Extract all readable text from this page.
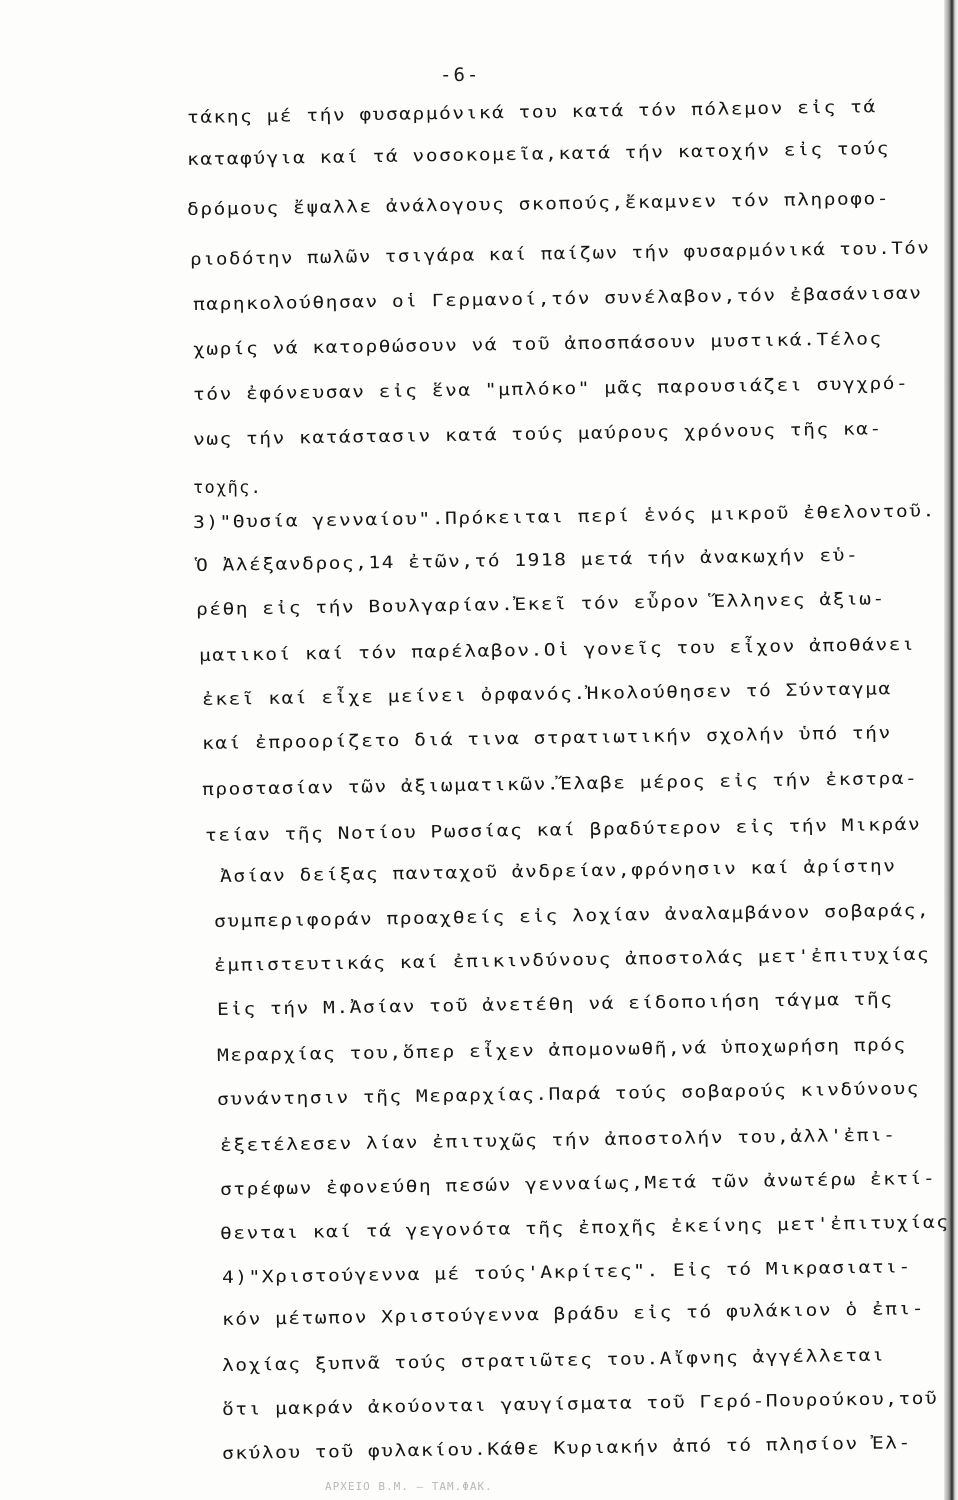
-6-

τάκης μέ τήν φυσαρμόνικά του κατά τόν πόλεμον εἰς τά
καταφύγια καί τά νοσοκομεῖα,κατά τήν κατοχήν εἰς τούς
δρόμους ἔψαλλε ἀνάλογους σκοπούς,ἔκαμνεν τόν πληροφο-
ριοδότην πωλῶν τσιγάρα καί παίζων τήν φυσαρμόνικά του.Τόν
παρηκολούθησαν οἱ Γερμανοί,τόν συνέλαβον,τόν ἐβασάνισαν
χωρίς νά κατορθώσουν νά τοῦ ἀποσπάσουν μυστικά.Τέλος
τόν ἐφόνευσαν εἰς ἕνα "μπλόκο" μᾶς παρουσιάζει συγχρό-
νως τήν κατάστασιν κατά τούς μαύρους χρόνους τῆς κα-
τοχῆς.
3)"Θυσία γενναίου".Πρόκειται περί ἑνός μικροῦ ἐθελοντοῦ.
Ὁ Ἀλέξανδρος,14 ἐτῶν,τό 1918 μετά τήν ἀνακωχήν εὑ-
ρέθη εἰς τήν Βουλγαρίαν.Ἐκεῖ τόν εὗρον Ἕλληνες ἀξιω-
ματικοί καί τόν παρέλαβον.Οἱ γονεῖς του εἶχον ἀποθάνει
ἐκεῖ καί εἶχε μείνει ὀρφανός.Ἠκολούθησεν τό Σύνταγμα
καί ἐπροορίζετο διά τινα στρατιωτικήν σχολήν ὑπό τήν
προστασίαν τῶν ἀξιωματικῶν.Ἔλαβε μέρος εἰς τήν ἐκστρα-
τείαν τῆς Νοτίου Ρωσσίας καί βραδύτερον εἰς τήν Μικράν
Ἀσίαν δείξας πανταχοῦ ἀνδρείαν,φρόνησιν καί ἀρίστην
συμπεριφοράν προαχθείς εἰς λοχίαν ἀναλαμβάνον σοβαράς,
ἐμπιστευτικάς καί ἐπικινδύνους ἀποστολάς μετ'ἐπιτυχίας
Εἰς τήν Μ.Ἀσίαν τοῦ ἀνετέθη νά είδοποιήση τάγμα τῆς
Μεραρχίας του,ὅπερ εἶχεν ἀπομονωθῆ,νά ὑποχωρήση πρός
συνάντησιν τῆς Μεραρχίας.Παρά τούς σοβαρούς κινδύνους
ἐξετέλεσεν λίαν ἐπιτυχῶς τήν ἀποστολήν του,ἀλλ'ἐπι-
στρέφων ἐφονεύθη πεσών γενναίως,Μετά τῶν ἀνωτέρω ἐκτί-
θενται καί τά γεγονότα τῆς ἐποχῆς ἐκείνης μετ'ἐπιτυχίας
4)"Χριστούγεννα μέ τούς'Ακρίτες". Εἰς τό Μικρασιατι-
κόν μέτωπον Χριστούγεννα βράδυ εἰς τό φυλάκιον ὁ ἐπι-
λοχίας ξυπνᾶ τούς στρατιῶτες του.Αἴφνης ἀγγέλλεται
ὅτι μακράν ἀκούονται γαυγίσματα τοῦ Γερό-Πουρούκου,τοῦ
σκύλου τοῦ φυλακίου.Κάθε Κυριακήν ἀπό τό πλησίον Ἐλ-
ΑΡΧΕΙΟ Β.Μ. — ΤΑΜ.ΦΑΚ.
